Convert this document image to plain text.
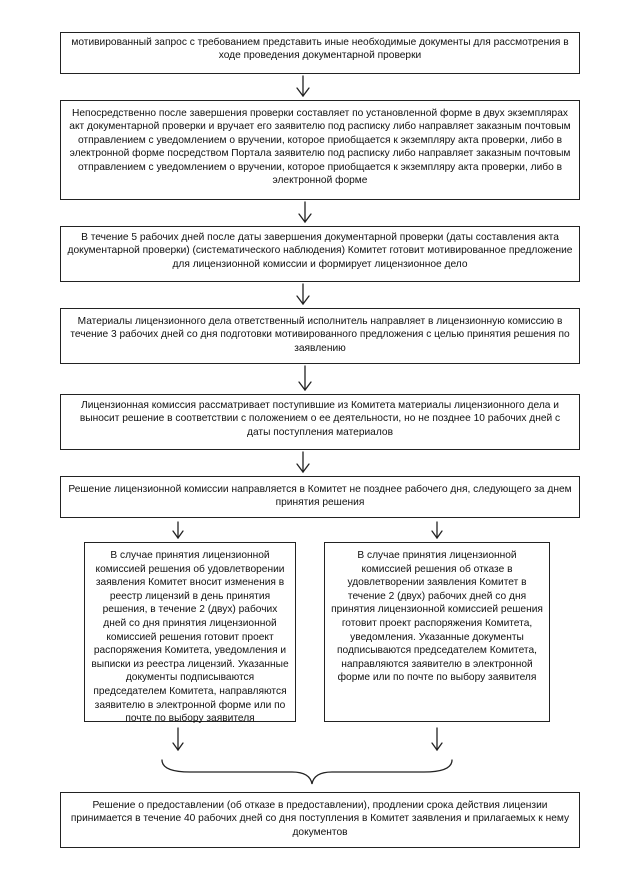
мотивированный запрос с требованием представить иные необходимые документы для рассмотрения в ходе проведения документарной проверки
Непосредственно после завершения проверки составляет по установленной форме в двух экземплярах акт документарной проверки и вручает его заявителю под расписку либо направляет заказным почтовым отправлением с уведомлением о вручении, которое приобщается к экземпляру акта проверки, либо в электронной форме посредством Портала заявителю под расписку либо направляет заказным почтовым отправлением с уведомлением о вручении, которое приобщается к экземпляру акта проверки, либо в электронной форме
В течение 5 рабочих дней после даты завершения документарной проверки (даты составления акта документарной проверки) (систематического наблюдения) Комитет готовит мотивированное предложение для лицензионной комиссии и формирует лицензионное дело
Материалы лицензионного дела ответственный исполнитель направляет в лицензионную комиссию в течение 3 рабочих дней со дня подготовки мотивированного предложения с целью принятия решения по заявлению
Лицензионная комиссия рассматривает поступившие из Комитета материалы лицензионного дела и выносит решение в соответствии с положением о ее деятельности, но не позднее 10 рабочих дней с даты поступления материалов
Решение лицензионной комиссии направляется в Комитет не позднее рабочего дня, следующего за днем принятия решения
В случае принятия лицензионной комиссией решения об удовлетворении заявления Комитет вносит изменения в реестр лицензий в день принятия решения, в течение 2 (двух) рабочих дней со дня принятия лицензионной комиссией решения готовит проект распоряжения Комитета, уведомления и выписки из реестра лицензий. Указанные документы подписываются председателем Комитета, направляются заявителю в электронной форме или по почте по выбору заявителя
В случае принятия лицензионной комиссией решения об отказе в удовлетворении заявления Комитет в течение 2 (двух) рабочих дней со дня принятия лицензионной комиссией решения готовит проект распоряжения Комитета, уведомления. Указанные документы подписываются председателем Комитета, направляются заявителю в электронной форме или по почте по выбору заявителя
Решение о предоставлении (об отказе в предоставлении), продлении срока действия лицензии принимается в течение 40 рабочих дней со дня поступления в Комитет заявления и прилагаемых к нему документов
